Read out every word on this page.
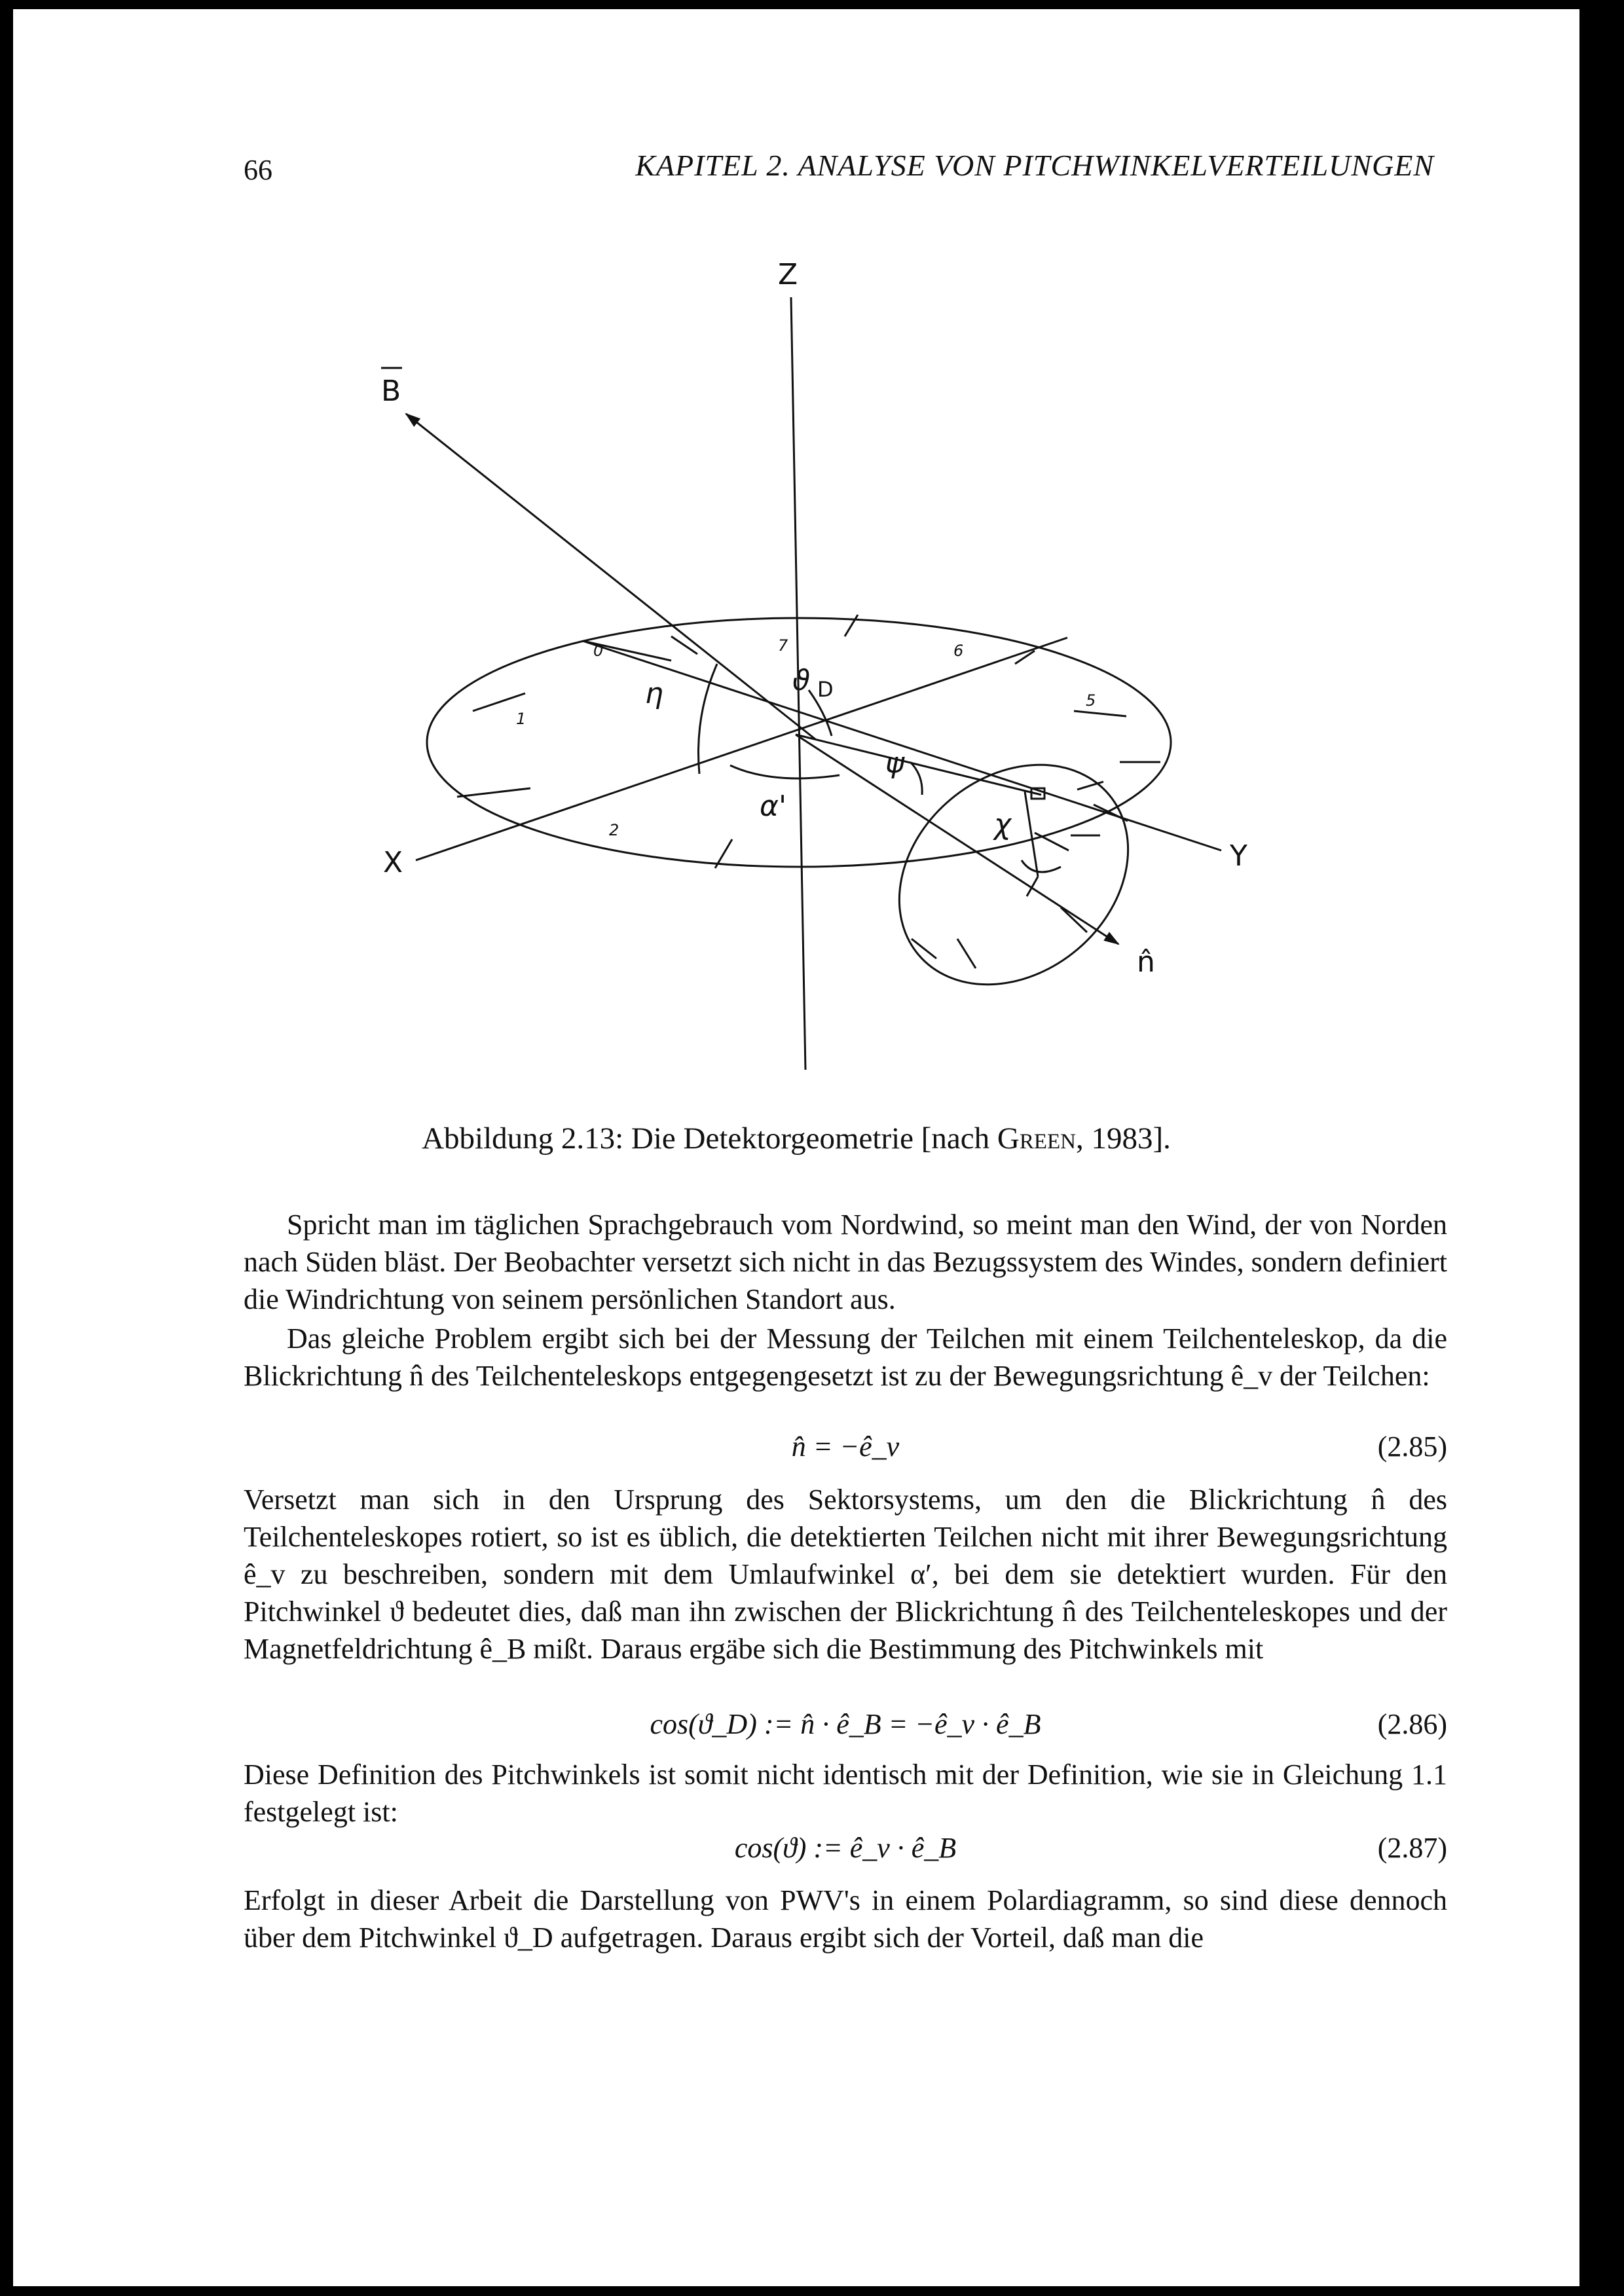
66	KAPITEL 2. ANALYSE VON PITCHWINKELVERTEILUNGEN
Z
B
X	Y
n̂
ϑ D
η
α'
ψ
χ
0
1
2
5
6
7
Abbildung 2.13: Die Detektorgeometrie [nach Green, 1983].

Spricht man im täglichen Sprachgebrauch vom Nordwind, so meint man den Wind, der von Norden nach Süden bläst. Der Beobachter versetzt sich nicht in das Bezugssystem des Windes, sondern definiert die Windrichtung von seinem persönlichen Standort aus.

Das gleiche Problem ergibt sich bei der Messung der Teilchen mit einem Teilchenteleskop, da die Blickrichtung n̂ des Teilchenteleskops entgegengesetzt ist zu der Bewegungsrichtung ê_v der Teilchen:

n̂ = −ê_v	(2.85)

Versetzt man sich in den Ursprung des Sektorsystems, um den die Blickrichtung n̂ des Teilchenteleskopes rotiert, so ist es üblich, die detektierten Teilchen nicht mit ihrer Bewegungsrichtung ê_v zu beschreiben, sondern mit dem Umlaufwinkel α′, bei dem sie detektiert wurden. Für den Pitchwinkel ϑ bedeutet dies, daß man ihn zwischen der Blickrichtung n̂ des Teilchenteleskopes und der Magnetfeldrichtung ê_B mißt. Daraus ergäbe sich die Bestimmung des Pitchwinkels mit

cos(ϑ_D) := n̂ · ê_B = −ê_v · ê_B	(2.86)

Diese Definition des Pitchwinkels ist somit nicht identisch mit der Definition, wie sie in Gleichung 1.1 festgelegt ist:

cos(ϑ) := ê_v · ê_B	(2.87)

Erfolgt in dieser Arbeit die Darstellung von PWV's in einem Polardiagramm, so sind diese dennoch über dem Pitchwinkel ϑ_D aufgetragen. Daraus ergibt sich der Vorteil, daß man die
